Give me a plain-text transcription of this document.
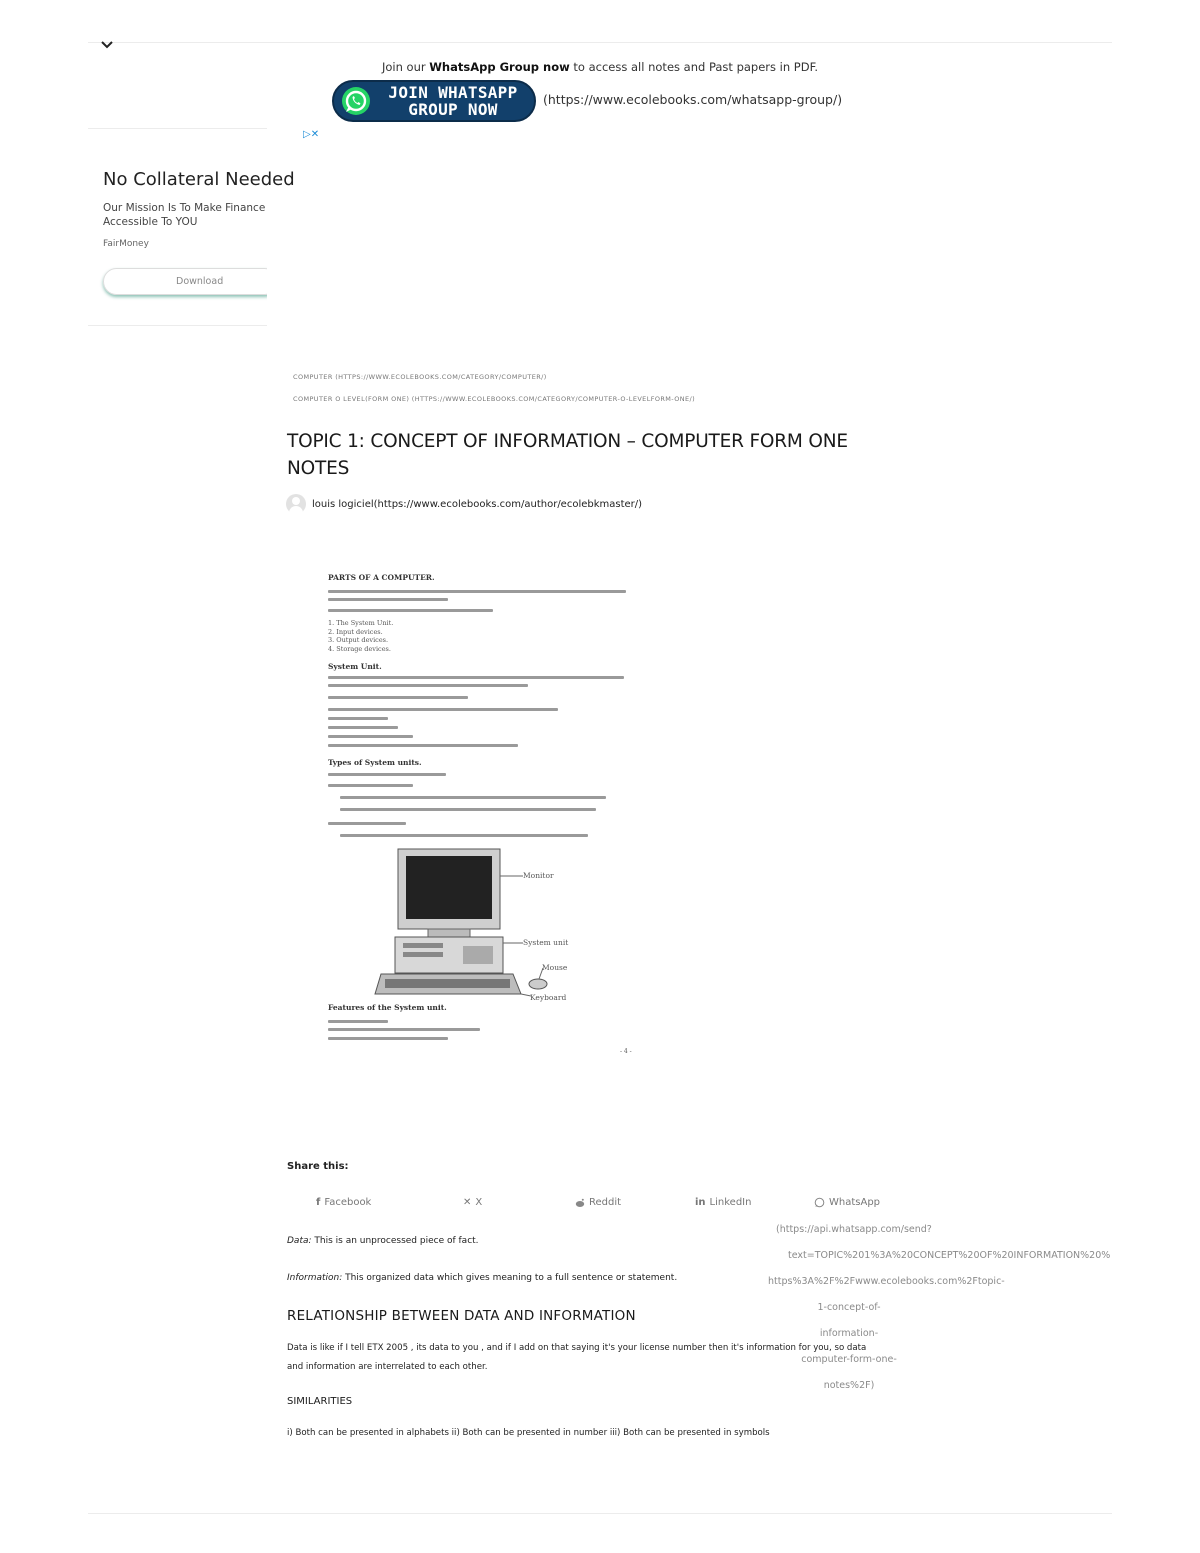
Join our WhatsApp Group now to access all notes and Past papers in PDF.
JOIN WHATSAPP
GROUP NOW
(https://www.ecolebooks.com/whatsapp-group/)
▷✕
No Collateral Needed
Our Mission Is To Make Finance Accessible To YOU
FairMoney
Download
COMPUTER (HTTPS://WWW.ECOLEBOOKS.COM/CATEGORY/COMPUTER/)
COMPUTER O LEVEL(FORM ONE) (HTTPS://WWW.ECOLEBOOKS.COM/CATEGORY/COMPUTER-O-LEVELFORM-ONE/)
TOPIC 1: CONCEPT OF INFORMATION – COMPUTER FORM ONE NOTES
louis logiciel(https://www.ecolebooks.com/author/ecolebkmaster/)
PARTS OF A COMPUTER.
1. The System Unit.
2. Input devices.
3. Output devices.
4. Storage devices.
System Unit.
Types of System units.
Monitor
System unit
Mouse
Keyboard
Features of the System unit.
- 4 -
Share this:
f Facebook	✕ X	Reddit	in LinkedIn	WhatsApp
(https://api.whatsapp.com/send?
text=TOPIC%201%3A%20CONCEPT%20OF%20INFORMATION%20%
https%3A%2F%2Fwww.ecolebooks.com%2Ftopic-
1-concept-of-
information-
computer-form-one-
notes%2F)
Data: This is an unprocessed piece of fact.
Information: This organized data which gives meaning to a full sentence or statement.
RELATIONSHIP BETWEEN DATA AND INFORMATION
Data is like if I tell ETX 2005 , its data to you , and if I add on that saying it's your license number then it's information for you, so data
and information are interrelated to each other.
SIMILARITIES
i) Both can be presented in alphabets ii) Both can be presented in number iii) Both can be presented in symbols
